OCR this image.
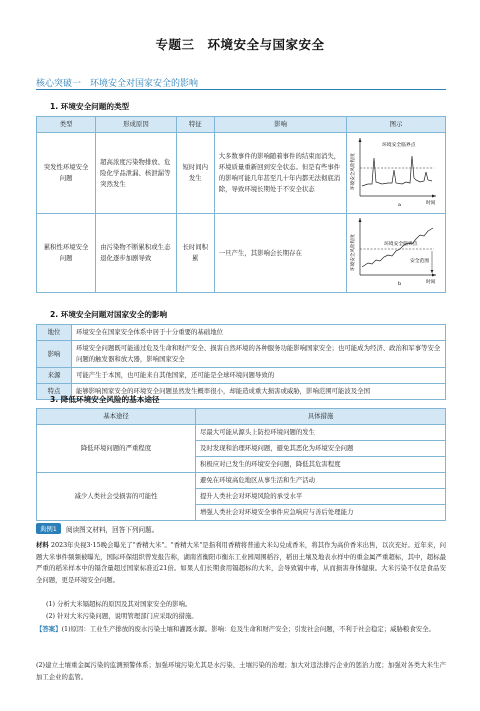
专题三　环境安全与国家安全
核心突破一　环境安全对国家安全的影响
1. 环境安全问题的类型
类型	形成原因	特征	影响	图示
突发性环境安全问题	超高浓度污染物排放、危险化学品泄漏、核泄漏等突然发生	短时间内发生	大多数事件的影响随着事件的结束而消失，环境质量重新回到安全状态。但是有些事件的影响可能几年甚至几十年内都无法彻底消除，导致环境长期处于不安全状态	环境安全风险程度
环境安全临界点
时间
a

累积性环境安全问题	由污染物不断累积或生态退化逐步加剧导致	长时间积累	一旦产生，其影响会长期存在	环境安全风险程度 环境安全临界点
安全范围
时间
b
2. 环境安全问题对国家安全的影响
地位	环境安全在国家安全体系中居于十分重要的基础地位
影响	环境安全问题既可能通过危及生命和财产安全、损害自然环境的各种服务功能影响国家安全；也可能成为经济、政治和军事等安全问题的触发器和放大器，影响国家安全
来源	可能产生于本国，也可能来自其他国家，还可能是全球环境问题导致的
特点	能够影响国家安全的环境安全问题虽然发生概率很小，却能造成重大损害或威胁，影响范围可能波及全国
3. 降低环境安全风险的基本途径
基本途径	具体措施
降低环境问题的严重程度	尽最大可能从源头上防控环境问题的发生
	及时发现和治理环境问题，避免其恶化为环境安全问题
	积极应对已发生的环境安全问题，降低其危害程度
减少人类社会受损害的可能性	避免在环境高危地区从事生活和生产活动
	提升人类社会对环境风险的承受水平
	增强人类社会对环境安全事件应急响应与善后处理能力
典例1	阅读图文材料，回答下列问题。
材料 2023年央视3·15晚会曝光了"香精大米"。"香精大米"是指利用香精将普通大米勾兑成香米，将其作为高价香米出售，以次充好。近年来，问题大米事件频频被曝光，国际环保组织曾发报告称，湖南省衡阳市衡东工业园周围稻谷，稻田土壤及地表水样中的重金属严重超标，其中，超标最严重的稻米样本中的镉含量超过国家标准近21倍。如果人们长期食用镉超标的大米，会导致镉中毒，从而损害身体健康。大米污染不仅是食品安全问题，更是环境安全问题。
(1) 分析大米镉超标的原因及其对国家安全的影响。
(2) 针对大米污染问题，说明管理部门应采取的措施。
【答案】(1)原因：工业生产排放的废水污染土壤和灌溉水源。影响：危及生命和财产安全；引发社会问题，不利于社会稳定；威胁粮食安全。
(2)建立土壤重金属污染的监测预警体系；加强环境污染尤其是水污染、土壤污染的治理；加大对违法排污企业的惩治力度；加强对各类大米生产加工企业的监管。
